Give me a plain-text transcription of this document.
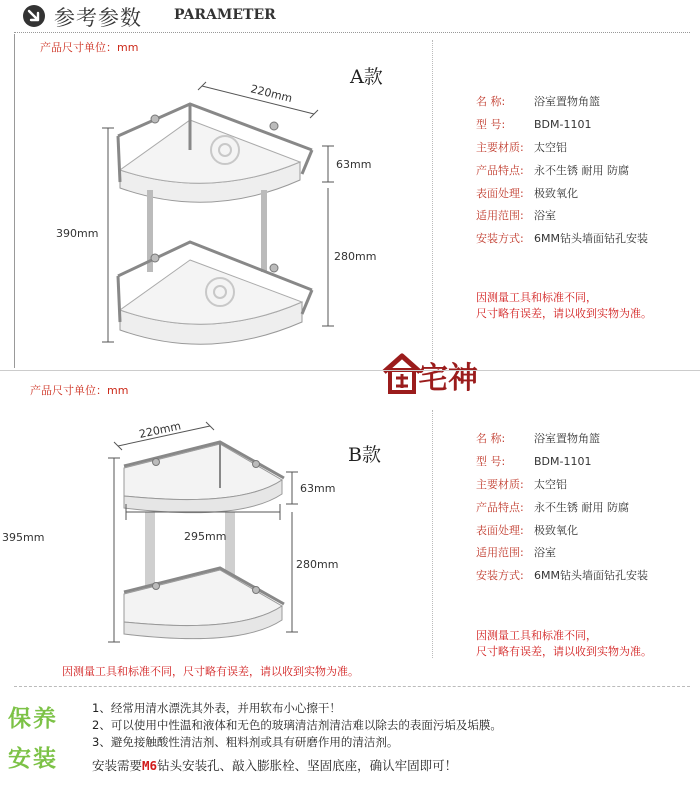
参考参数 PARAMETER
产品尺寸单位：mm
A款
220mm
390mm
63mm
280mm
名 称:	浴室置物角篮
型 号:	BDM-1101
主要材质: 太空铝
产品特点: 永不生锈 耐用 防腐
表面处理: 极致氧化
适用范围: 浴室
安装方式: 6MM钻头墙面钻孔安装
因测量工具和标准不同，
尺寸略有误差，请以收到实物为准。
宅神
产品尺寸单位：mm
B款
220mm
295mm
395mm
63mm
280mm
名 称:	浴室置物角篮
型 号:	BDM-1101
主要材质: 太空铝
产品特点: 永不生锈 耐用 防腐
表面处理: 极致氧化
适用范围: 浴室
安装方式: 6MM钻头墙面钻孔安装
因测量工具和标准不同，
尺寸略有误差，请以收到实物为准。
因测量工具和标准不同，尺寸略有误差，请以收到实物为准。
保养
安装
1、经常用清水漂洗其外表，并用软布小心擦干！
2、可以使用中性温和液体和无色的玻璃清洁剂清洁难以除去的表面污垢及垢膜。
3、避免接触酸性清洁剂、粗料剂或具有研磨作用的清洁剂。
安装需要M6钻头安装孔、敲入膨胀栓、坚固底座，确认牢固即可！
